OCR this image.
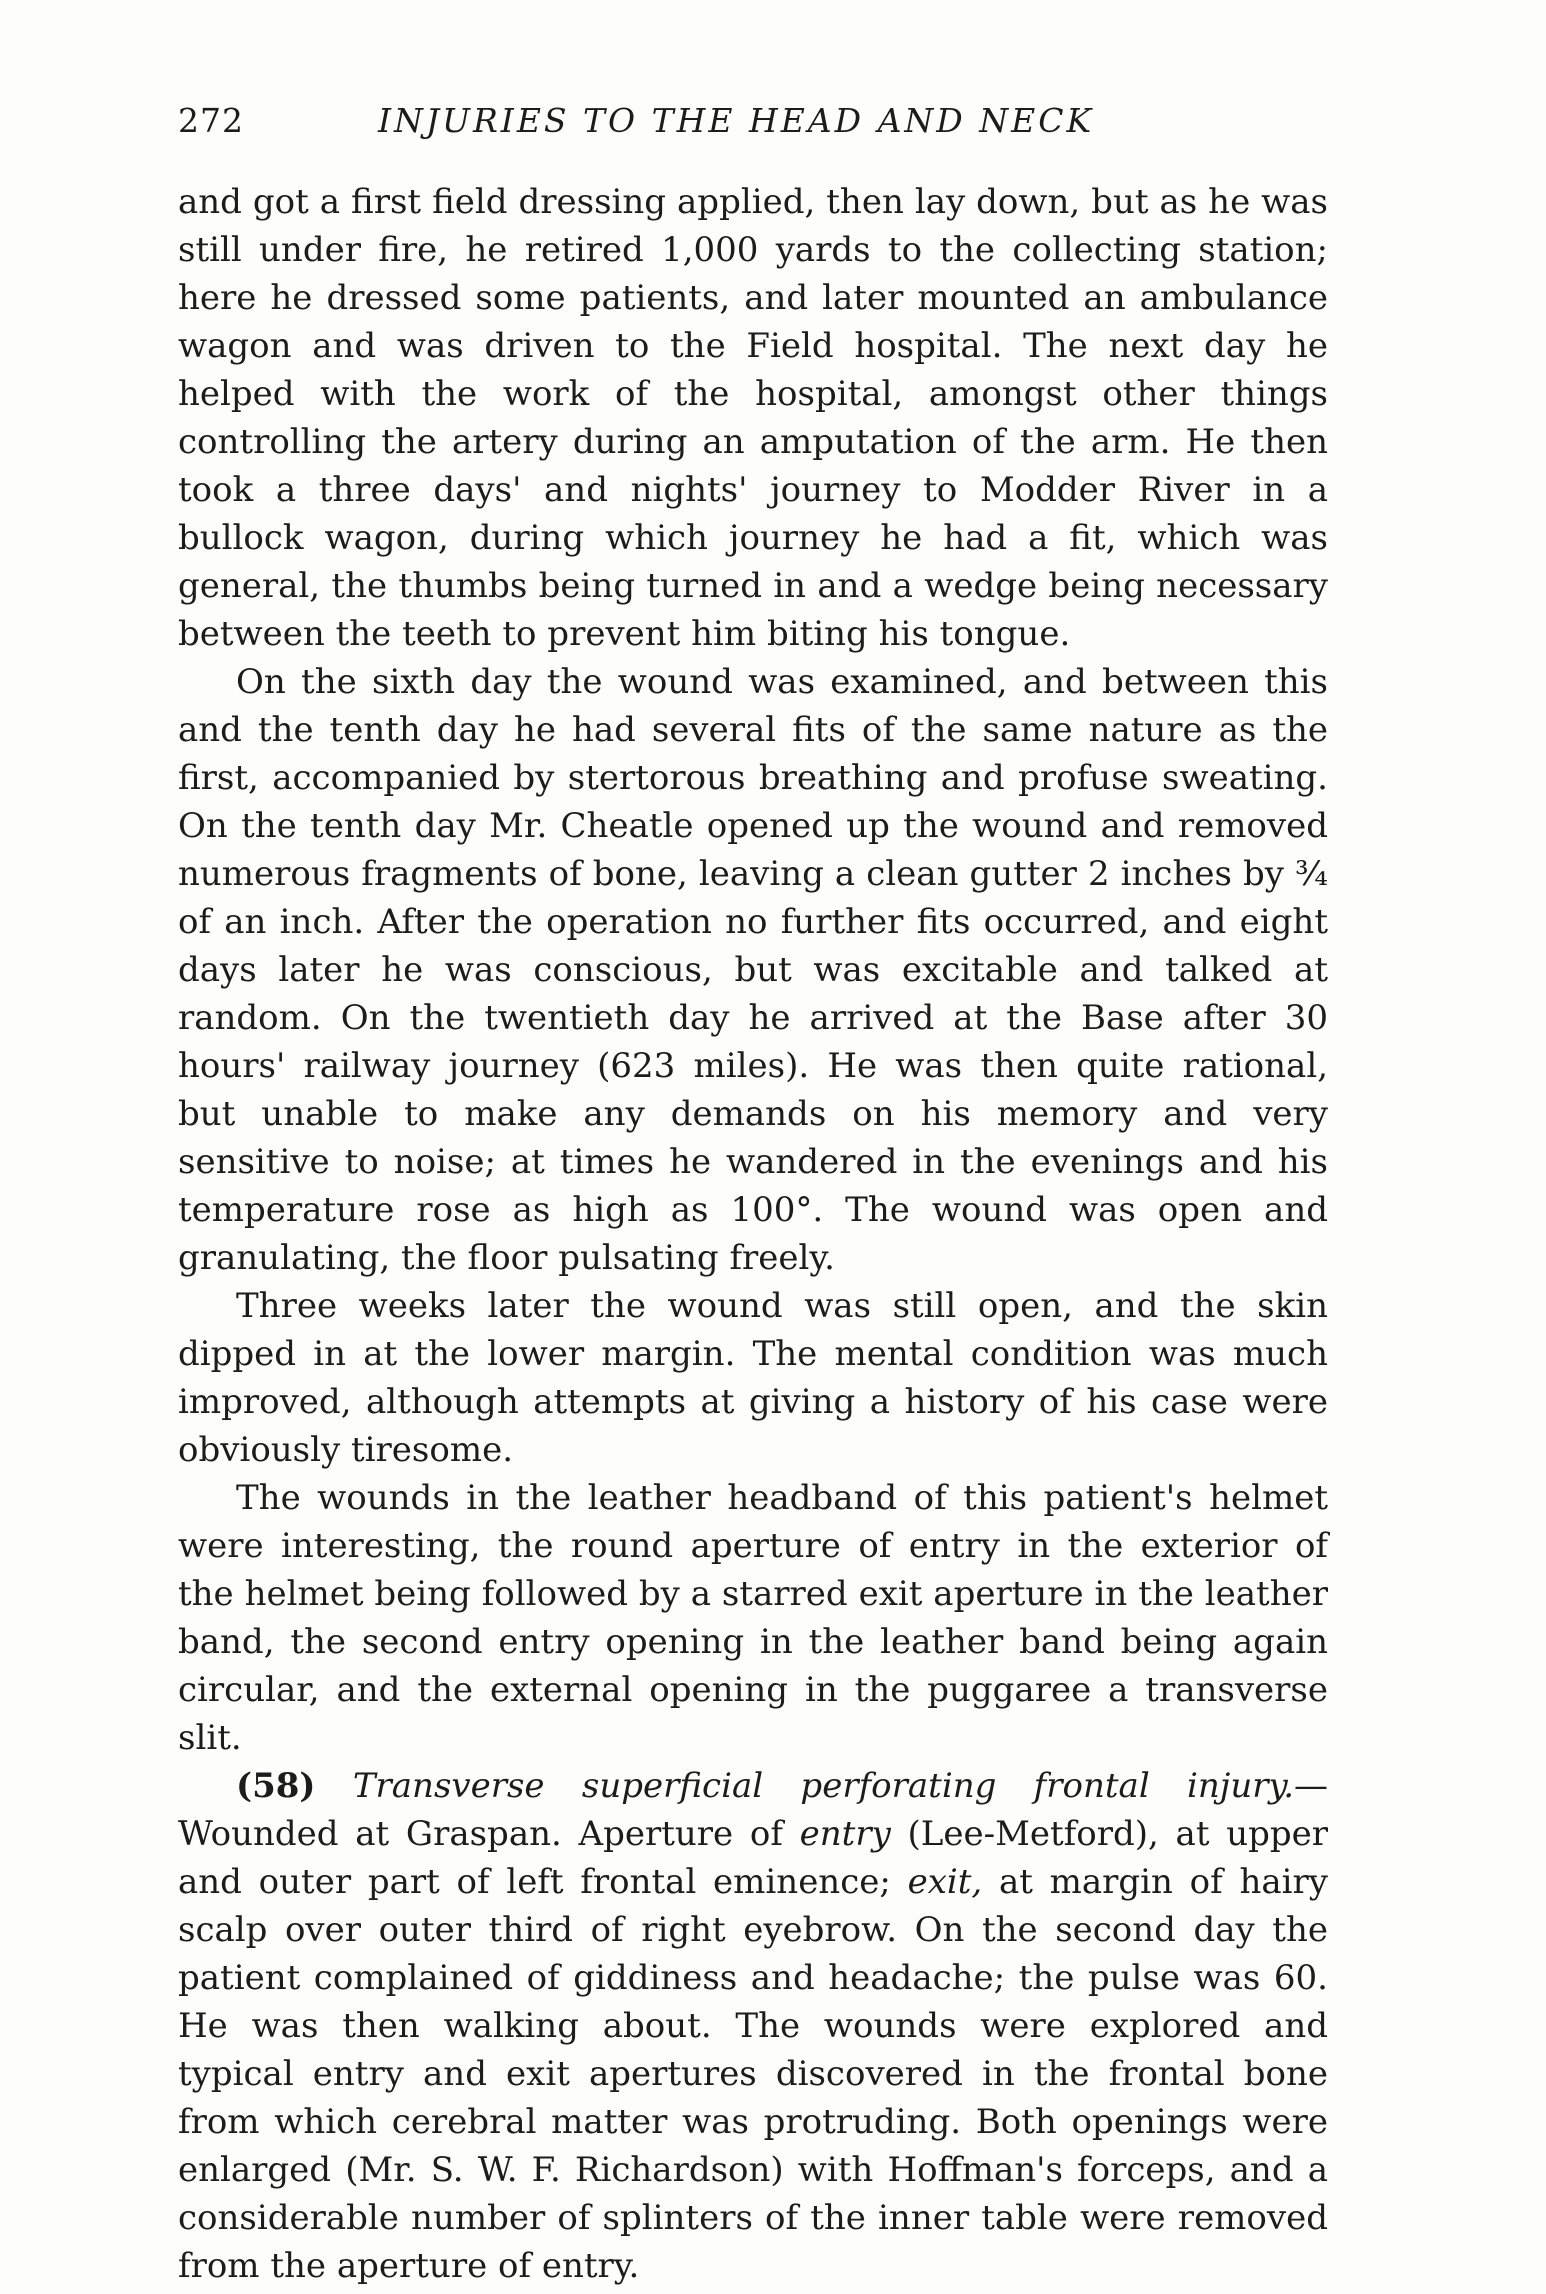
272	INJURIES TO THE HEAD AND NECK

and got a first field dressing applied, then lay down, but as he was still under fire, he retired 1,000 yards to the collecting station; here he dressed some patients, and later mounted an ambulance wagon and was driven to the Field hospital. The next day he helped with the work of the hospital, amongst other things controlling the artery during an amputation of the arm. He then took a three days' and nights' journey to Modder River in a bullock wagon, during which journey he had a fit, which was general, the thumbs being turned in and a wedge being necessary between the teeth to prevent him biting his tongue.

On the sixth day the wound was examined, and between this and the tenth day he had several fits of the same nature as the first, accompanied by stertorous breathing and profuse sweating. On the tenth day Mr. Cheatle opened up the wound and removed numerous fragments of bone, leaving a clean gutter 2 inches by ¾ of an inch. After the operation no further fits occurred, and eight days later he was conscious, but was excitable and talked at random. On the twentieth day he arrived at the Base after 30 hours' railway journey (623 miles). He was then quite rational, but unable to make any demands on his memory and very sensitive to noise; at times he wandered in the evenings and his temperature rose as high as 100°. The wound was open and granulating, the floor pulsating freely.

Three weeks later the wound was still open, and the skin dipped in at the lower margin. The mental condition was much improved, although attempts at giving a history of his case were obviously tiresome.

The wounds in the leather headband of this patient's helmet were interesting, the round aperture of entry in the exterior of the helmet being followed by a starred exit aperture in the leather band, the second entry opening in the leather band being again circular, and the external opening in the puggaree a transverse slit.

(58) Transverse superficial perforating frontal injury.—Wounded at Graspan. Aperture of entry (Lee-Metford), at upper and outer part of left frontal eminence; exit, at margin of hairy scalp over outer third of right eyebrow. On the second day the patient complained of giddiness and headache; the pulse was 60. He was then walking about. The wounds were explored and typical entry and exit apertures discovered in the frontal bone from which cerebral matter was protruding. Both openings were enlarged (Mr. S. W. F. Richardson) with Hoffman's forceps, and a considerable number of splinters of the inner table were removed from the aperture of entry.
